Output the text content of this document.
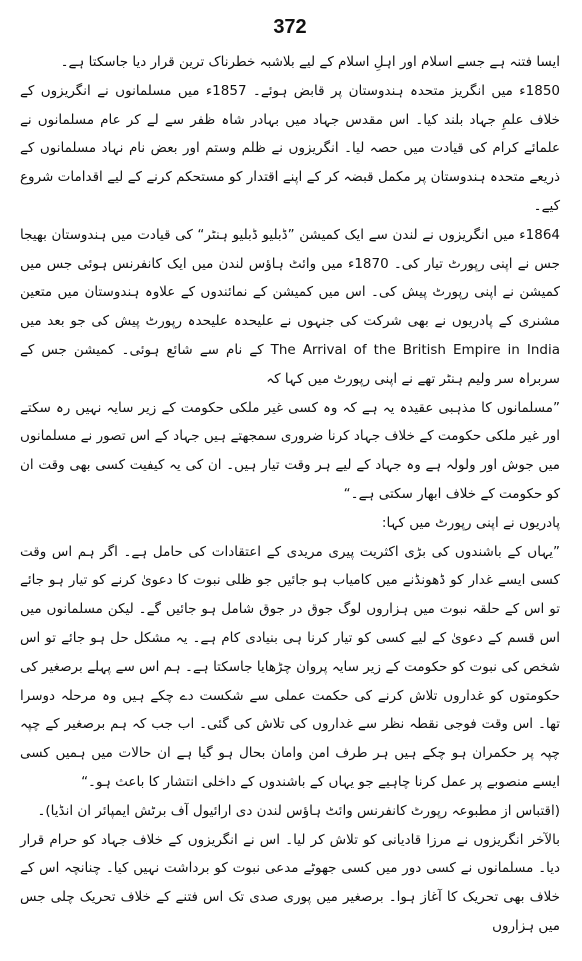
372

ایسا فتنہ ہے جسے اسلام اور اہلِ اسلام کے لیے بلاشبہ خطرناک ترین قرار دیا جاسکتا ہے۔

1850ء میں انگریز متحدہ ہندوستان پر قابض ہوئے۔ 1857ء میں مسلمانوں نے انگریزوں کے خلاف علمِ جہاد بلند کیا۔ اس مقدس جہاد میں بہادر شاہ ظفر سے لے کر عام مسلمانوں نے علمائے کرام کی قیادت میں حصہ لیا۔ انگریزوں نے ظلم وستم اور بعض نام نہاد مسلمانوں کے ذریعے متحدہ ہندوستان پر مکمل قبضہ کر کے اپنے اقتدار کو مستحکم کرنے کے لیے اقدامات شروع کیے۔

1864ء میں انگریزوں نے لندن سے ایک کمیشن ”ڈبلیو ڈبلیو ہنٹر“ کی قیادت میں ہندوستان بھیجا جس نے اپنی رپورٹ تیار کی۔ 1870ء میں وائٹ ہاؤس لندن میں ایک کانفرنس ہوئی جس میں کمیشن نے اپنی رپورٹ پیش کی۔ اس میں کمیشن کے نمائندوں کے علاوہ ہندوستان میں متعین مشنری کے پادریوں نے بھی شرکت کی جنہوں نے علیحدہ علیحدہ رپورٹ پیش کی جو بعد میں The Arrival of the British Empire in India کے نام سے شائع ہوئی۔ کمیشن جس کے سربراہ سر ولیم ہنٹر تھے نے اپنی رپورٹ میں کہا کہ

”مسلمانوں کا مذہبی عقیدہ یہ ہے کہ وہ کسی غیر ملکی حکومت کے زیر سایہ نہیں رہ سکتے اور غیر ملکی حکومت کے خلاف جہاد کرنا ضروری سمجھتے ہیں جہاد کے اس تصور نے مسلمانوں میں جوش اور ولولہ ہے وہ جہاد کے لیے ہر وقت تیار ہیں۔ ان کی یہ کیفیت کسی بھی وقت ان کو حکومت کے خلاف ابھار سکتی ہے۔“

پادریوں نے اپنی رپورٹ میں کہا:

”یہاں کے باشندوں کی بڑی اکثریت پیری مریدی کے اعتقادات کی حامل ہے۔ اگر ہم اس وقت کسی ایسے غدار کو ڈھونڈنے میں کامیاب ہو جائیں جو ظلی نبوت کا دعویٰ کرنے کو تیار ہو جائے تو اس کے حلقہ نبوت میں ہزاروں لوگ جوق در جوق شامل ہو جائیں گے۔ لیکن مسلمانوں میں اس قسم کے دعویٰ کے لیے کسی کو تیار کرنا ہی بنیادی کام ہے۔ یہ مشکل حل ہو جائے تو اس شخص کی نبوت کو حکومت کے زیر سایہ پروان چڑھایا جاسکتا ہے۔ ہم اس سے پہلے برصغیر کی حکومتوں کو غداروں تلاش کرنے کی حکمت عملی سے شکست دے چکے ہیں وہ مرحلہ دوسرا تھا۔ اس وقت فوجی نقطہ نظر سے غداروں کی تلاش کی گئی۔ اب جب کہ ہم برصغیر کے چپہ چپہ پر حکمران ہو چکے ہیں ہر طرف امن وامان بحال ہو گیا ہے ان حالات میں ہمیں کسی ایسے منصوبے پر عمل کرنا چاہیے جو یہاں کے باشندوں کے داخلی انتشار کا باعث ہو۔“

(اقتباس از مطبوعہ رپورٹ کانفرنس وائٹ ہاؤس لندن دی ارائیول آف برٹش ایمپائر ان انڈیا)۔

بالآخر انگریزوں نے مرزا قادیانی کو تلاش کر لیا۔ اس نے انگریزوں کے خلاف جہاد کو حرام قرار دیا۔ مسلمانوں نے کسی دور میں کسی جھوٹے مدعی نبوت کو برداشت نہیں کیا۔ چنانچہ اس کے خلاف بھی تحریک کا آغاز ہوا۔ برصغیر میں پوری صدی تک اس فتنے کے خلاف تحریک چلی جس میں ہزاروں
